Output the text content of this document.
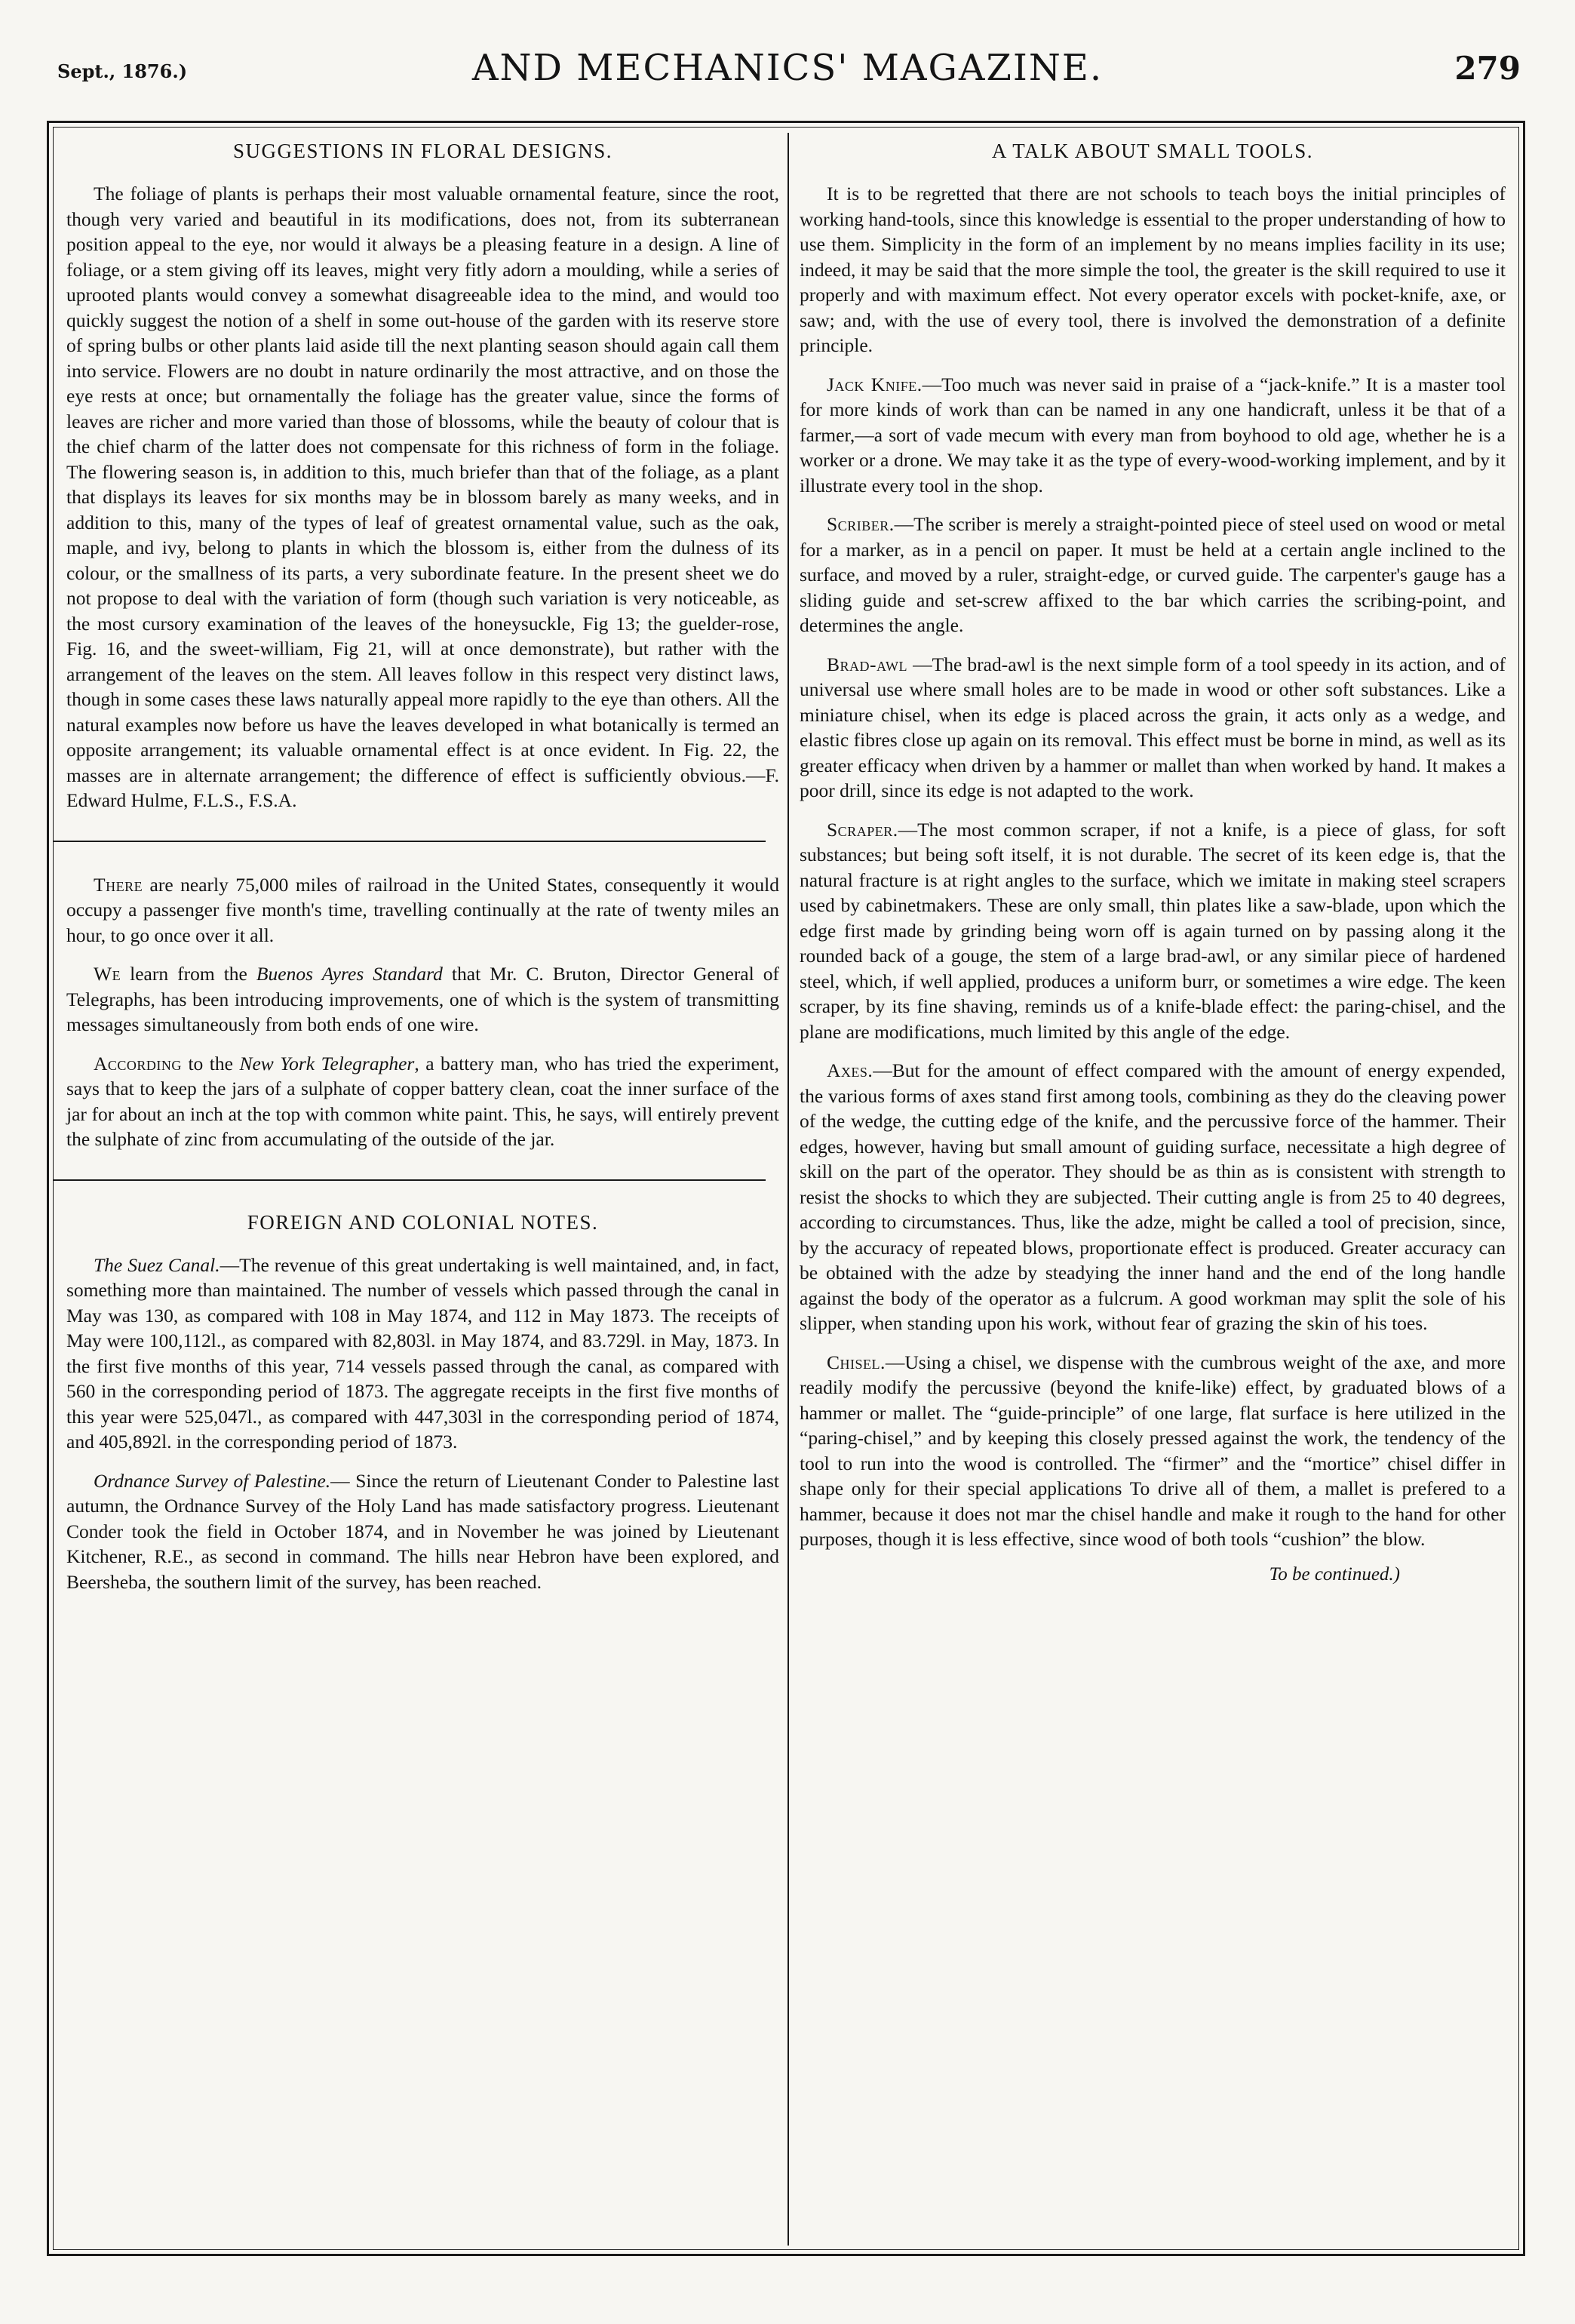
Sept., 1876.)	AND MECHANICS' MAGAZINE.	279
SUGGESTIONS IN FLORAL DESIGNS.

The foliage of plants is perhaps their most valuable ornamental feature, since the root, though very varied and beautiful in its modifications, does not, from its subterranean position appeal to the eye, nor would it always be a pleasing feature in a design. A line of foliage, or a stem giving off its leaves, might very fitly adorn a moulding, while a series of uprooted plants would convey a somewhat disagreeable idea to the mind, and would too quickly suggest the notion of a shelf in some out-house of the garden with its reserve store of spring bulbs or other plants laid aside till the next planting season should again call them into service. Flowers are no doubt in nature ordinarily the most attractive, and on those the eye rests at once; but ornamentally the foliage has the greater value, since the forms of leaves are richer and more varied than those of blossoms, while the beauty of colour that is the chief charm of the latter does not compensate for this richness of form in the foliage. The flowering season is, in addition to this, much briefer than that of the foliage, as a plant that displays its leaves for six months may be in blossom barely as many weeks, and in addition to this, many of the types of leaf of greatest ornamental value, such as the oak, maple, and ivy, belong to plants in which the blossom is, either from the dulness of its colour, or the smallness of its parts, a very subordinate feature. In the present sheet we do not propose to deal with the variation of form (though such variation is very noticeable, as the most cursory examination of the leaves of the honeysuckle, Fig 13; the guelder-rose, Fig. 16, and the sweet-william, Fig 21, will at once demonstrate), but rather with the arrangement of the leaves on the stem. All leaves follow in this respect very distinct laws, though in some cases these laws naturally appeal more rapidly to the eye than others. All the natural examples now before us have the leaves developed in what botanically is termed an opposite arrangement; its valuable ornamental effect is at once evident. In Fig. 22, the masses are in alternate arrangement; the difference of effect is sufficiently obvious.—F. Edward Hulme, F.L.S., F.S.A.

There are nearly 75,000 miles of railroad in the United States, consequently it would occupy a passenger five month's time, travelling continually at the rate of twenty miles an hour, to go once over it all.

We learn from the Buenos Ayres Standard that Mr. C. Bruton, Director General of Telegraphs, has been introducing improvements, one of which is the system of transmitting messages simultaneously from both ends of one wire.

According to the New York Telegrapher, a battery man, who has tried the experiment, says that to keep the jars of a sulphate of copper battery clean, coat the inner surface of the jar for about an inch at the top with common white paint. This, he says, will entirely prevent the sulphate of zinc from accumulating of the outside of the jar.

FOREIGN AND COLONIAL NOTES.

The Suez Canal.—The revenue of this great undertaking is well maintained, and, in fact, something more than maintained. The number of vessels which passed through the canal in May was 130, as compared with 108 in May 1874, and 112 in May 1873. The receipts of May were 100,112l., as compared with 82,803l. in May 1874, and 83.729l. in May, 1873. In the first five months of this year, 714 vessels passed through the canal, as compared with 560 in the corresponding period of 1873. The aggregate receipts in the first five months of this year were 525,047l., as compared with 447,303l in the corresponding period of 1874, and 405,892l. in the corresponding period of 1873.

Ordnance Survey of Palestine.— Since the return of Lieutenant Conder to Palestine last autumn, the Ordnance Survey of the Holy Land has made satisfactory progress. Lieutenant Conder took the field in October 1874, and in November he was joined by Lieutenant Kitchener, R.E., as second in command. The hills near Hebron have been explored, and Beersheba, the southern limit of the survey, has been reached.

A TALK ABOUT SMALL TOOLS.

It is to be regretted that there are not schools to teach boys the initial principles of working hand-tools, since this knowledge is essential to the proper understanding of how to use them. Simplicity in the form of an implement by no means implies facility in its use; indeed, it may be said that the more simple the tool, the greater is the skill required to use it properly and with maximum effect. Not every operator excels with pocket-knife, axe, or saw; and, with the use of every tool, there is involved the demonstration of a definite principle.

Jack Knife.—Too much was never said in praise of a “jack-knife.” It is a master tool for more kinds of work than can be named in any one handicraft, unless it be that of a farmer,—a sort of vade mecum with every man from boyhood to old age, whether he is a worker or a drone. We may take it as the type of every-wood-working implement, and by it illustrate every tool in the shop.

Scriber.—The scriber is merely a straight-pointed piece of steel used on wood or metal for a marker, as in a pencil on paper. It must be held at a certain angle inclined to the surface, and moved by a ruler, straight-edge, or curved guide. The carpenter's gauge has a sliding guide and set-screw affixed to the bar which carries the scribing-point, and determines the angle.

Brad-awl —The brad-awl is the next simple form of a tool speedy in its action, and of universal use where small holes are to be made in wood or other soft substances. Like a miniature chisel, when its edge is placed across the grain, it acts only as a wedge, and elastic fibres close up again on its removal. This effect must be borne in mind, as well as its greater efficacy when driven by a hammer or mallet than when worked by hand. It makes a poor drill, since its edge is not adapted to the work.

Scraper.—The most common scraper, if not a knife, is a piece of glass, for soft substances; but being soft itself, it is not durable. The secret of its keen edge is, that the natural fracture is at right angles to the surface, which we imitate in making steel scrapers used by cabinetmakers. These are only small, thin plates like a saw-blade, upon which the edge first made by grinding being worn off is again turned on by passing along it the rounded back of a gouge, the stem of a large brad-awl, or any similar piece of hardened steel, which, if well applied, produces a uniform burr, or sometimes a wire edge. The keen scraper, by its fine shaving, reminds us of a knife-blade effect: the paring-chisel, and the plane are modifications, much limited by this angle of the edge.

Axes.—But for the amount of effect compared with the amount of energy expended, the various forms of axes stand first among tools, combining as they do the cleaving power of the wedge, the cutting edge of the knife, and the percussive force of the hammer. Their edges, however, having but small amount of guiding surface, necessitate a high degree of skill on the part of the operator. They should be as thin as is consistent with strength to resist the shocks to which they are subjected. Their cutting angle is from 25 to 40 degrees, according to circumstances. Thus, like the adze, might be called a tool of precision, since, by the accuracy of repeated blows, proportionate effect is produced. Greater accuracy can be obtained with the adze by steadying the inner hand and the end of the long handle against the body of the operator as a fulcrum. A good workman may split the sole of his slipper, when standing upon his work, without fear of grazing the skin of his toes.

Chisel.—Using a chisel, we dispense with the cumbrous weight of the axe, and more readily modify the percussive (beyond the knife-like) effect, by graduated blows of a hammer or mallet. The “guide-principle” of one large, flat surface is here utilized in the “paring-chisel,” and by keeping this closely pressed against the work, the tendency of the tool to run into the wood is controlled. The “firmer” and the “mortice” chisel differ in shape only for their special applications To drive all of them, a mallet is prefered to a hammer, because it does not mar the chisel handle and make it rough to the hand for other purposes, though it is less effective, since wood of both tools “cushion” the blow.

To be continued.)
